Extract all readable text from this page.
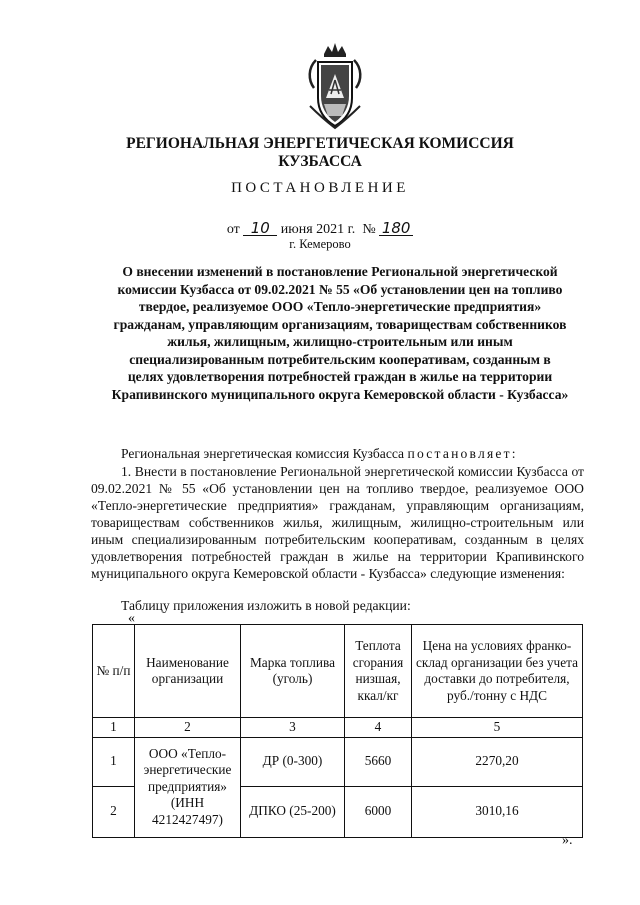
РЕГИОНАЛЬНАЯ ЭНЕРГЕТИЧЕСКАЯ КОМИССИЯ
КУЗБАССА
ПОСТАНОВЛЕНИЕ
от 10 июня 2021 г. № 180
г. Кемерово
О внесении изменений в постановление Региональной энергетической комиссии Кузбасса от 09.02.2021 № 55 «Об установлении цен на топливо твердое, реализуемое ООО «Тепло-энергетические предприятия» гражданам, управляющим организациям, товариществам собственников жилья, жилищным, жилищно-строительным или иным специализированным потребительским кооперативам, созданным в целях удовлетворения потребностей граждан в жилье на территории Крапивинского муниципального округа Кемеровской области - Кузбасса»
Региональная энергетическая комиссия Кузбасса постановляет:
1. Внести в постановление Региональной энергетической комиссии Кузбасса от 09.02.2021 № 55 «Об установлении цен на топливо твердое, реализуемое ООО «Тепло-энергетические предприятия» гражданам, управляющим организациям, товариществам собственников жилья, жилищным, жилищно-строительным или иным специализированным потребительским кооперативам, созданным в целях удовлетворения потребностей граждан в жилье на территории Крапивинского муниципального округа Кемеровской области - Кузбасса» следующие изменения:
Таблицу приложения изложить в новой редакции:
«
№ п/п	Наименование организации	Марка топлива (уголь)	Теплота сгорания низшая, ккал/кг	Цена на условиях франко-склад организации без учета доставки до потребителя, руб./тонну с НДС
1	2	3	4	5
1	ООО «Тепло-энергетические предприятия» (ИНН 4212427497)	ДР (0-300)	5660	2270,20
2		ДПКО (25-200)	6000	3010,16
».
